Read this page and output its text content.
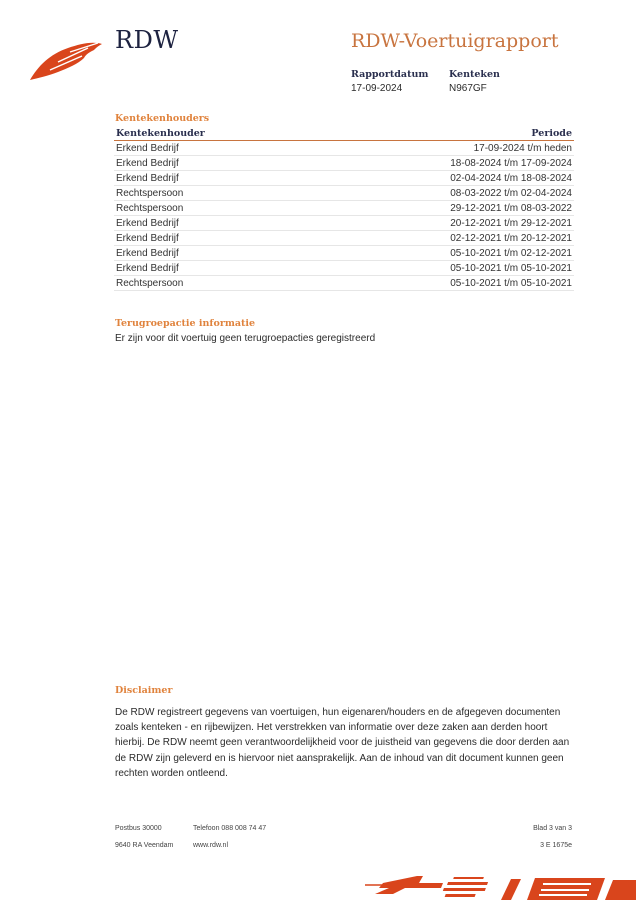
RDW	RDW-Voertuigrapport
Rapportdatum
17-09-2024
Kenteken
N967GF
Kentekenhouders
Kentekenhouder	Periode
Erkend Bedrijf	17-09-2024 t/m heden
Erkend Bedrijf	18-08-2024 t/m 17-09-2024
Erkend Bedrijf	02-04-2024 t/m 18-08-2024
Rechtspersoon	08-03-2022 t/m 02-04-2024
Rechtspersoon	29-12-2021 t/m 08-03-2022
Erkend Bedrijf	20-12-2021 t/m 29-12-2021
Erkend Bedrijf	02-12-2021 t/m 20-12-2021
Erkend Bedrijf	05-10-2021 t/m 02-12-2021
Erkend Bedrijf	05-10-2021 t/m 05-10-2021
Rechtspersoon	05-10-2021 t/m 05-10-2021
Terugroepactie informatie
Er zijn voor dit voertuig geen terugroepacties geregistreerd
Disclaimer
De RDW registreert gegevens van voertuigen, hun eigenaren/houders en de afgegeven documenten zoals kenteken - en rijbewijzen. Het verstrekken van informatie over deze zaken aan derden hoort hierbij. De RDW neemt geen verantwoordelijkheid voor de juistheid van gegevens die door derden aan de RDW zijn geleverd en is hiervoor niet aansprakelijk. Aan de inhoud van dit document kunnen geen rechten worden ontleend.
Postbus 30000
9640 RA Veendam
Telefoon 088 008 74 47
www.rdw.nl
Blad 3 van 3
3 E 1675e
